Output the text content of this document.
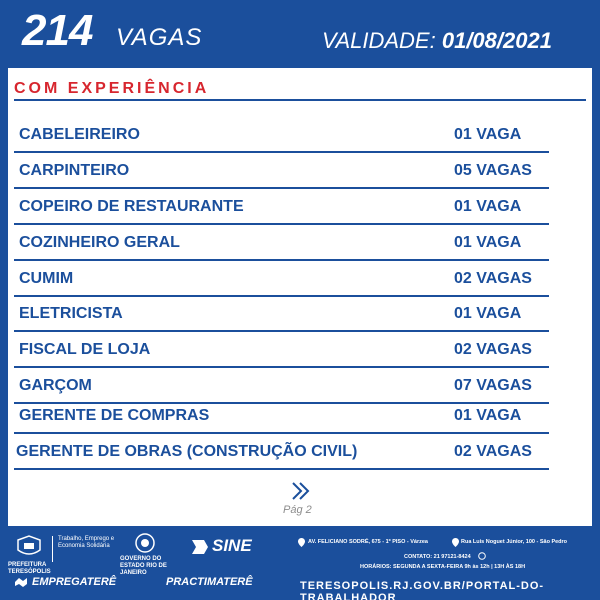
214 VAGAS	VALIDADE: 01/08/2021
COM EXPERIÊNCIA
CABELEIREIRO	01 VAGA
CARPINTEIRO	05 VAGAS
COPEIRO DE RESTAURANTE	01 VAGA
COZINHEIRO GERAL	01 VAGA
CUMIM	02 VAGAS
ELETRICISTA	01 VAGA
FISCAL DE LOJA	02 VAGAS
GARÇOM	07 VAGAS
GERENTE DE COMPRAS	01 VAGA
GERENTE DE OBRAS (CONSTRUÇÃO CIVIL)	02 VAGAS
Pág 2
PREFEITURA TERESÓPOLIS
Trabalho, Emprego e Economia Solidária
GOVERNO DO ESTADO RIO DE JANEIRO
SINE	AV. FELICIANO SODRÉ, 675 - 1º PISO - Várzea	Rua Luis Noguet Júnior, 100 - São Pedro
CONTATO: 21 97121-8424
HORÁRIOS: SEGUNDA A SEXTA-FEIRA 9h às 12h | 13H ÀS 18H
EMPREGATERÊ	PRACTIMATERÊ	TERESOPOLIS.RJ.GOV.BR/PORTAL-DO-TRABALHADOR
